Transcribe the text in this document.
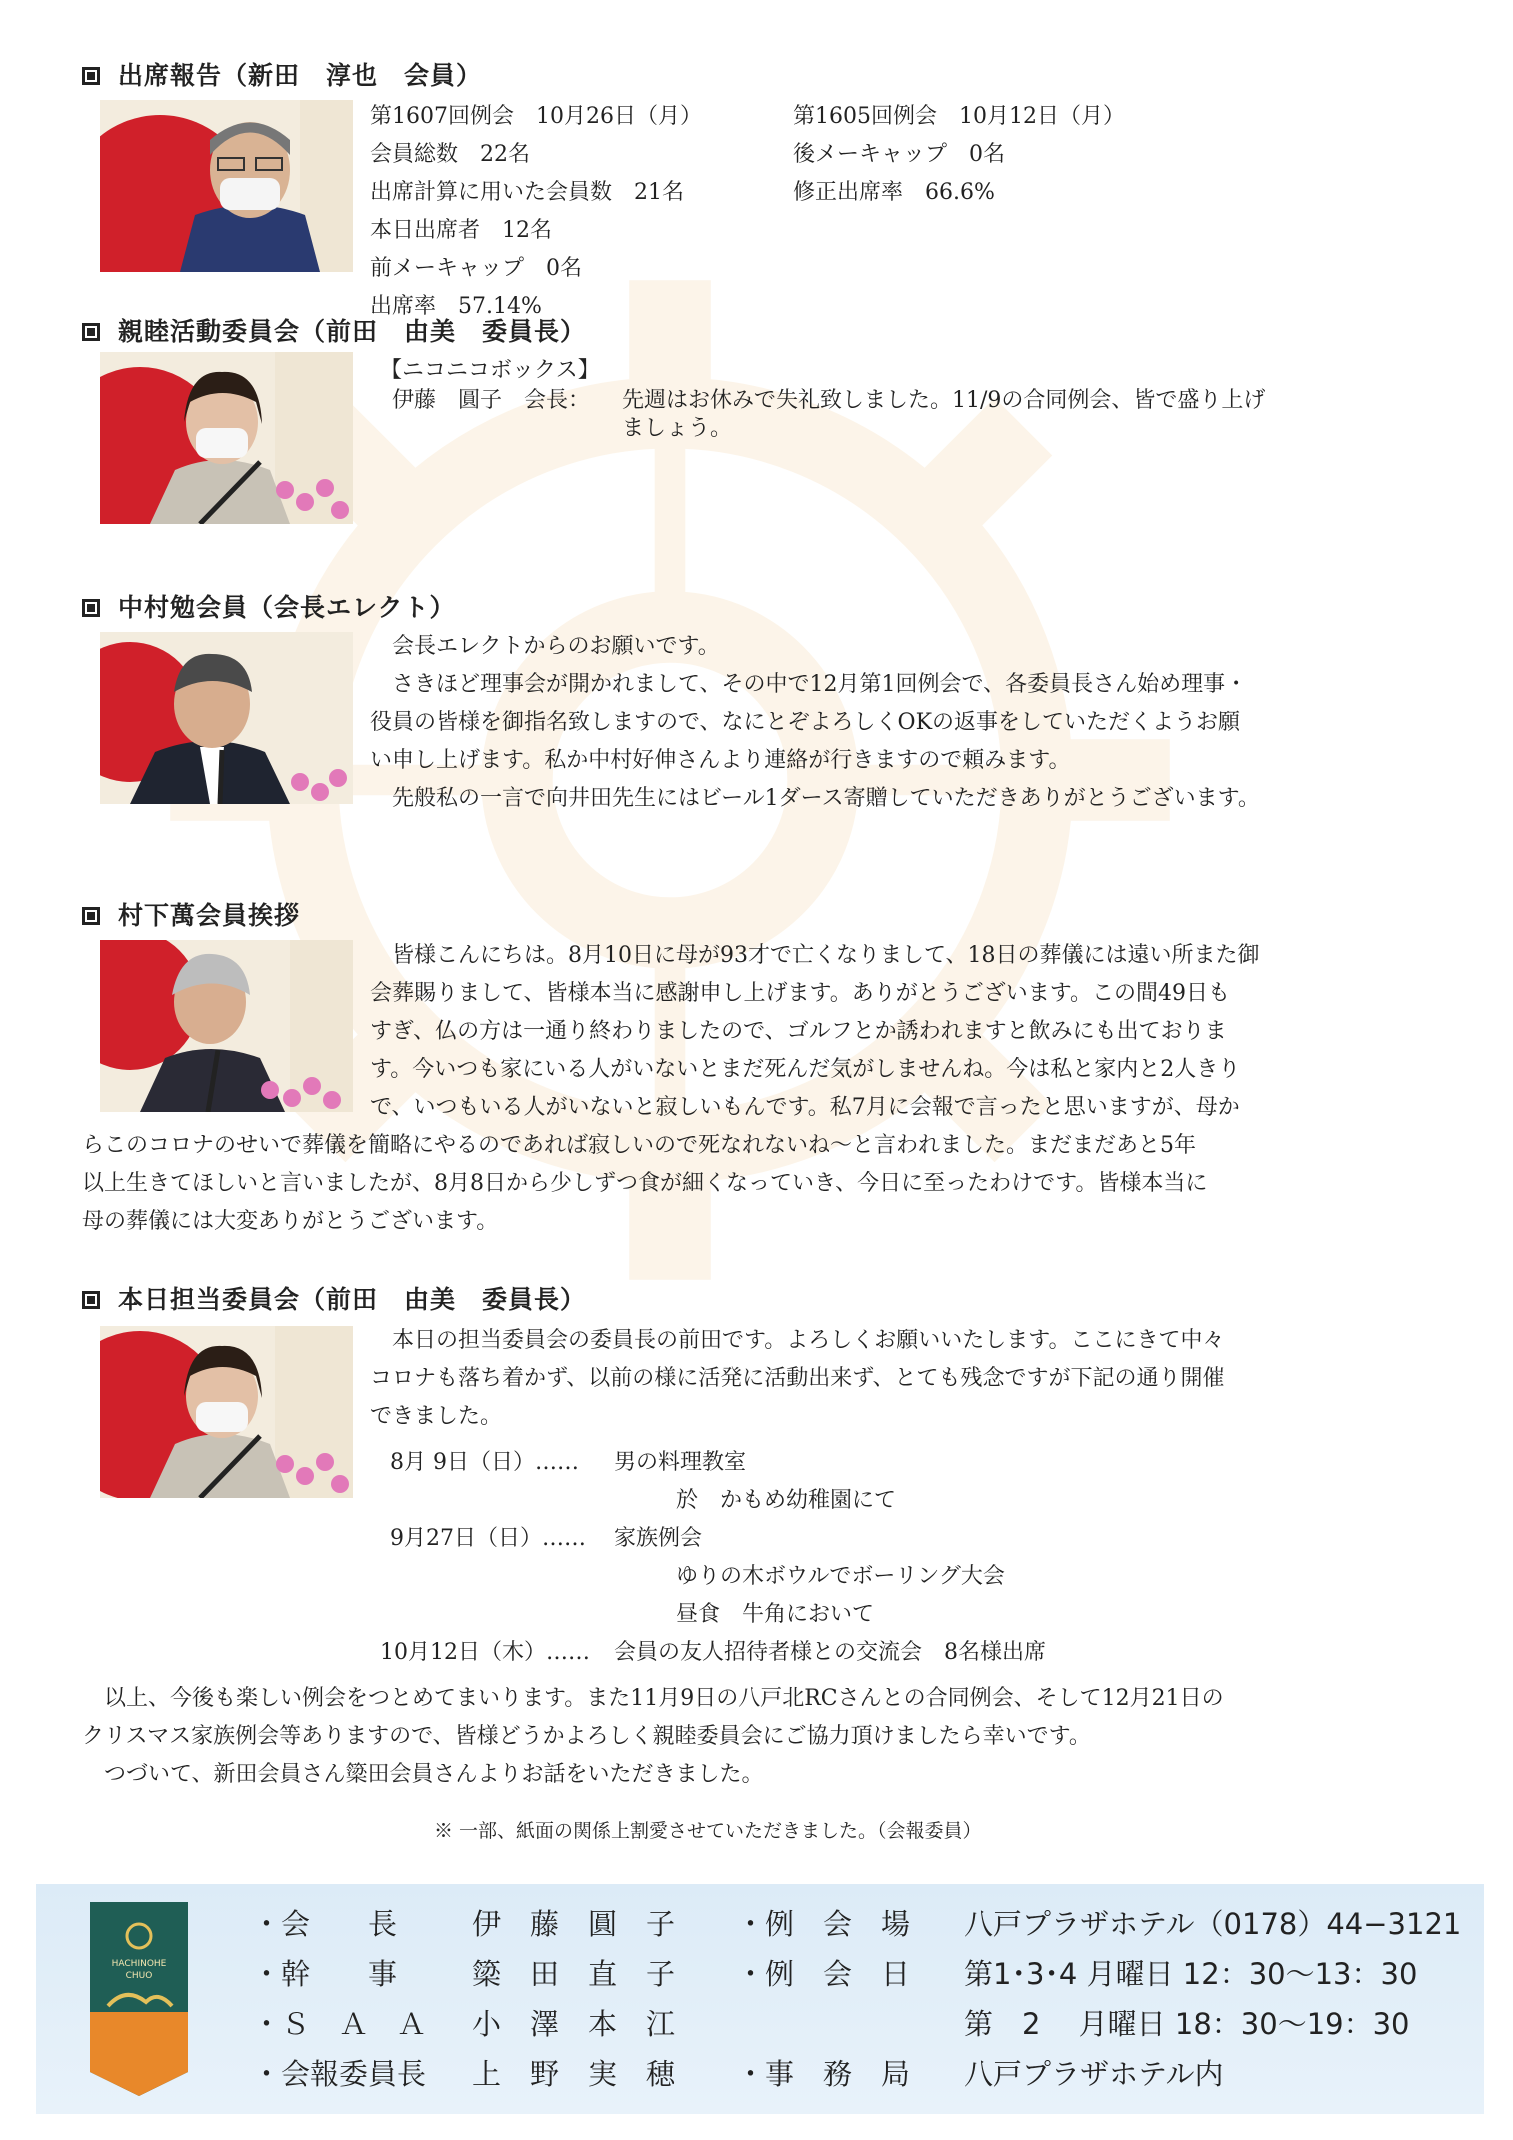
出席報告（新田　淳也　会員）
第1607回例会　10月26日（月）
会員総数　22名
出席計算に用いた会員数　21名
本日出席者　12名
前メーキャップ　0名
出席率　57.14%
第1605回例会　10月12日（月）
後メーキャップ　0名
修正出席率　66.6%
親睦活動委員会（前田　由美　委員長）
【ニコニコボックス】
伊藤　圓子　会長： 先週はお休みで失礼致しました。11/9の合同例会、皆で盛り上げ
ましょう。
中村勉会員（会長エレクト）
　会長エレクトからのお願いです。
　さきほど理事会が開かれまして、その中で12月第1回例会で、各委員長さん始め理事・
役員の皆様を御指名致しますので、なにとぞよろしくOKの返事をしていただくようお願
い申し上げます。私か中村好伸さんより連絡が行きますので頼みます。
　先般私の一言で向井田先生にはビール1ダース寄贈していただきありがとうございます。
村下萬会員挨拶
　皆様こんにちは。8月10日に母が93才で亡くなりまして、18日の葬儀には遠い所また御
会葬賜りまして、皆様本当に感謝申し上げます。ありがとうございます。この間49日も
すぎ、仏の方は一通り終わりましたので、ゴルフとか誘われますと飲みにも出ておりま
す。今いつも家にいる人がいないとまだ死んだ気がしませんね。今は私と家内と2人きり
で、いつもいる人がいないと寂しいもんです。私7月に会報で言ったと思いますが、母か
らこのコロナのせいで葬儀を簡略にやるのであれば寂しいので死なれないね〜と言われました。まだまだあと5年
以上生きてほしいと言いましたが、8月8日から少しずつ食が細くなっていき、今日に至ったわけです。皆様本当に
母の葬儀には大変ありがとうございます。
本日担当委員会（前田　由美　委員長）
　本日の担当委員会の委員長の前田です。よろしくお願いいたします。ここにきて中々
コロナも落ち着かず、以前の様に活発に活動出来ず、とても残念ですが下記の通り開催
できました。
8月 9日（日）…… 男の料理教室
於　かもめ幼稚園にて
9月27日（日）…… 家族例会
ゆりの木ボウルでボーリング大会
昼食　牛角において
10月12日（木）…… 会員の友人招待者様との交流会　8名様出席
　以上、今後も楽しい例会をつとめてまいります。また11月9日の八戸北RCさんとの合同例会、そして12月21日の
クリスマス家族例会等ありますので、皆様どうかよろしく親睦委員会にご協力頂けましたら幸いです。
　つづいて、新田会員さん簗田会員さんよりお話をいただきました。
※ 一部、紙面の関係上割愛させていただきました。（会報委員）
HACHINOHE
CHUO
・会　　長	伊　藤　圓　子 ・例　会　場 八戸プラザホテル（0178）44−3121
・幹　　事	簗　田　直　子 ・例　会　日 第1･3･4 月曜日 12：30〜13：30
・Ｓ　Ａ　Ａ 小　澤　本　江	第　2　 月曜日 18：30〜19：30
・会報委員長 上　野　実　穂 ・事　務　局 八戸プラザホテル内
